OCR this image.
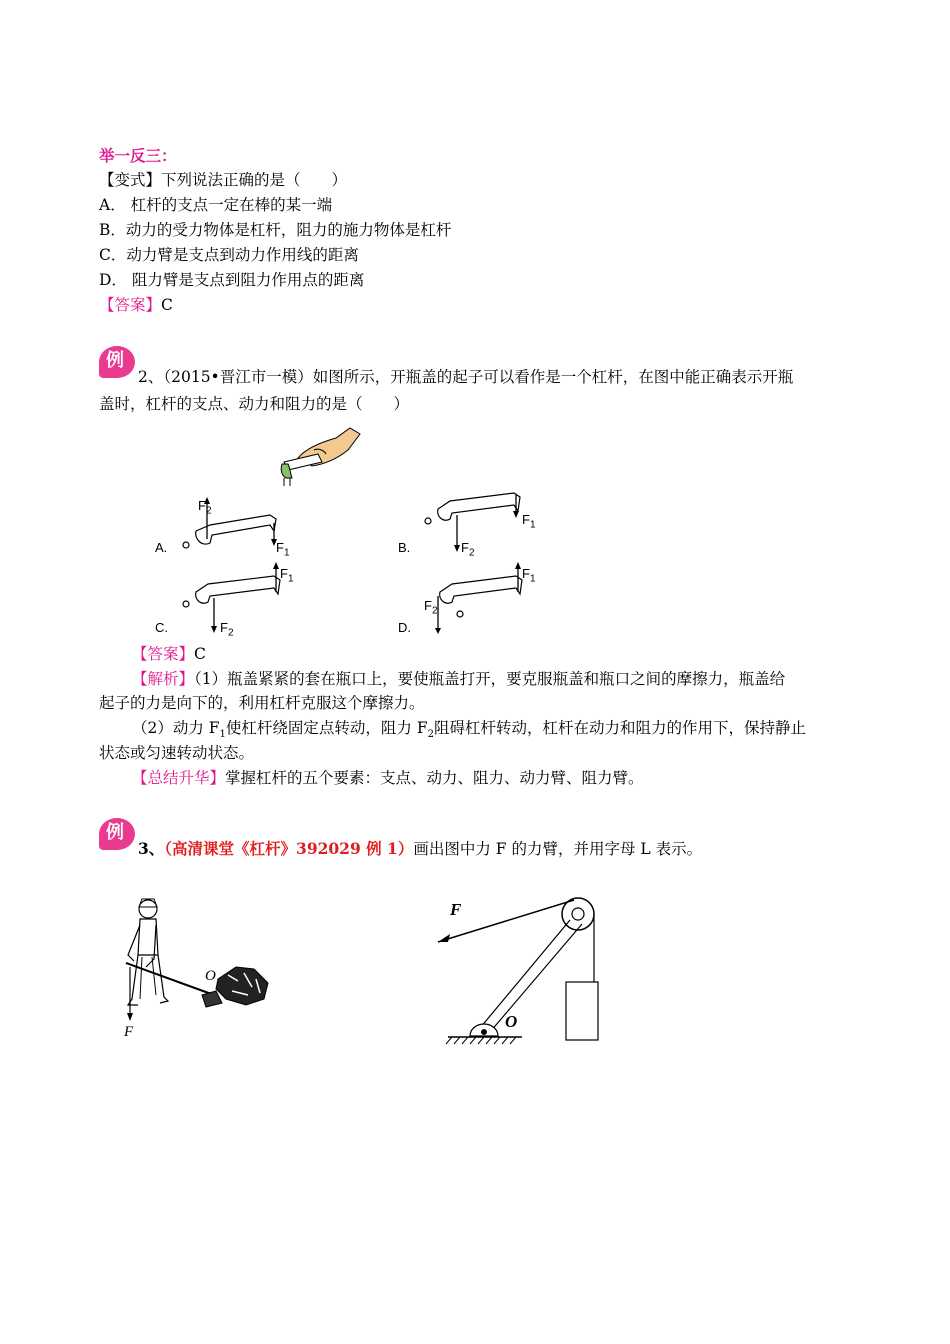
举一反三：
【变式】下列说法正确的是（　　）
A． 杠杆的支点一定在棒的某一端
B．动力的受力物体是杠杆，阻力的施力物体是杠杆
C．动力臂是支点到动力作用线的距离
D． 阻力臂是支点到阻力作用点的距离
【答案】C
例
2、（2015•晋江市一模）如图所示，开瓶盖的起子可以看作是一个杠杆，在图中能正确表示开瓶
盖时，杠杆的支点、动力和阻力的是（　　）
$F_2$
$F_1$
A.
$F_1$
$F_2$
B.
$F_1$
$F_2$
C.
$F_1$
$F_2$
D.
【答案】C
【解析】（1）瓶盖紧紧的套在瓶口上，要使瓶盖打开，要克服瓶盖和瓶口之间的摩擦力，瓶盖给
起子的力是向下的，利用杠杆克服这个摩擦力。
（2）动力 $F_1$使杠杆绕固定点转动，阻力 $F_2$阻碍杠杆转动，杠杆在动力和阻力的作用下，保持静止
状态或匀速转动状态。
【总结升华】掌握杠杆的五个要素：支点、动力、阻力、动力臂、阻力臂。
例
3、（高清课堂《杠杆》392029 例 1）画出图中力 F 的力臂，并用字母 L 表示。
O
F
F
O
